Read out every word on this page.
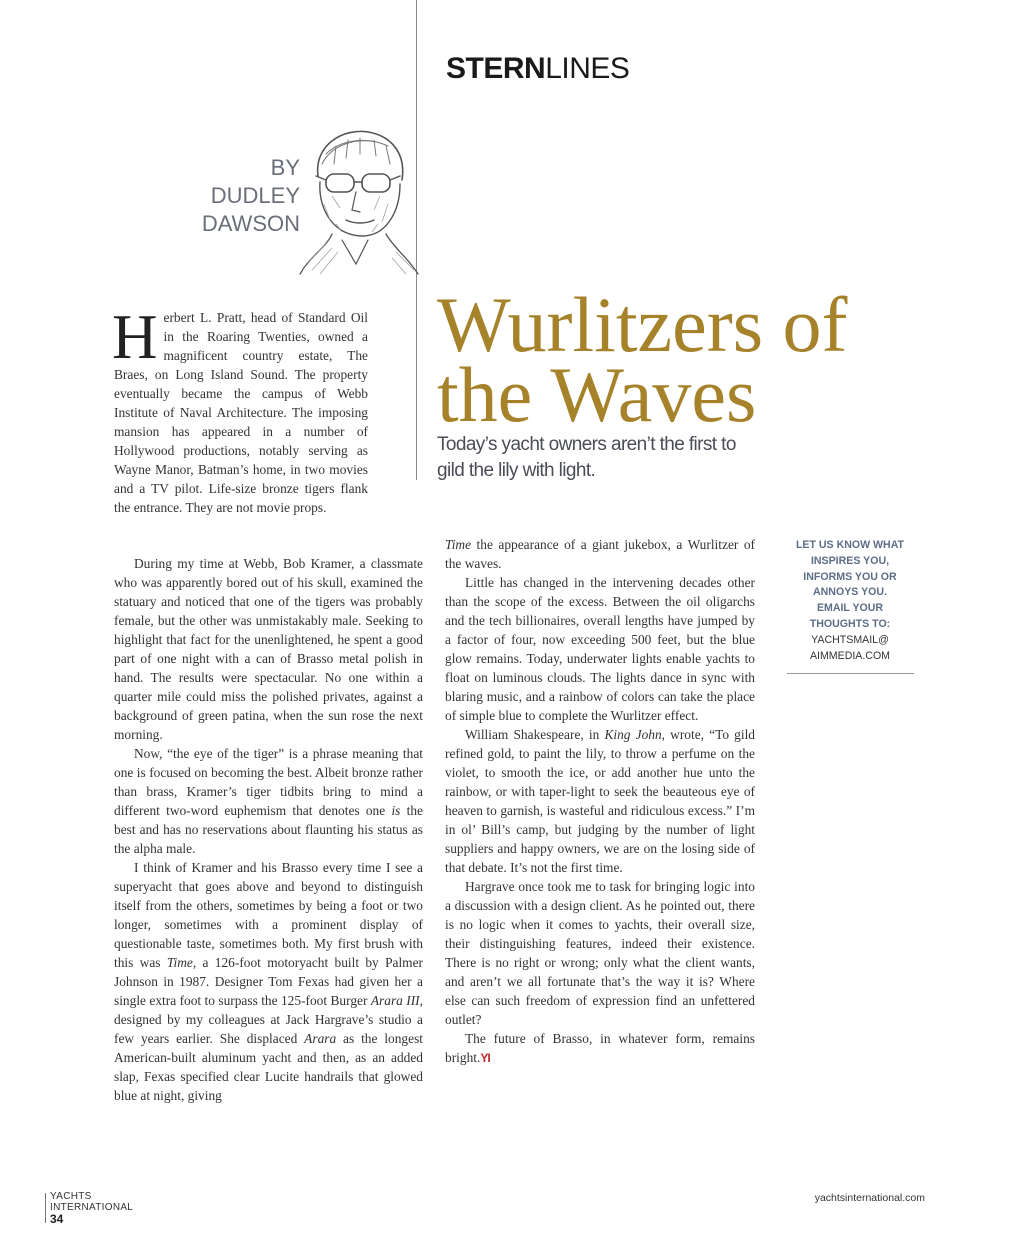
STERNLINES
BY DUDLEY
DAWSON
Wurlitzers of
the Waves
Today’s yacht owners aren’t the first to
gild the lily with light.
H erbert L. Pratt, head of Standard Oil in the Roaring Twenties, owned a magnificent country estate, The Braes, on Long Island Sound. The property eventually became the campus of Webb Institute of Naval Architecture. The imposing mansion has appeared in a number of Hollywood productions, notably serving as Wayne Manor, Batman’s home, in two movies and a TV pilot. Life-size bronze tigers flank the entrance. They are not movie props.

During my time at Webb, Bob Kramer, a classmate who was apparently bored out of his skull, examined the statuary and noticed that one of the tigers was probably female, but the other was unmistakably male. Seeking to highlight that fact for the unenlightened, he spent a good part of one night with a can of Brasso metal polish in hand. The results were spectacular. No one within a quarter mile could miss the polished privates, against a background of green patina, when the sun rose the next morning.

Now, “the eye of the tiger” is a phrase meaning that one is focused on becoming the best. Albeit bronze rather than brass, Kramer’s tiger tidbits bring to mind a different two-word euphemism that denotes one is the best and has no reservations about flaunting his status as the alpha male.

I think of Kramer and his Brasso every time I see a superyacht that goes above and beyond to distinguish itself from the others, sometimes by being a foot or two longer, sometimes with a prominent display of questionable taste, sometimes both. My first brush with this was Time, a 126-foot motoryacht built by Palmer Johnson in 1987. Designer Tom Fexas had given her a single extra foot to surpass the 125-foot Burger Arara III, designed by my colleagues at Jack Hargrave’s studio a few years earlier. She displaced Arara as the longest American-built aluminum yacht and then, as an added slap, Fexas specified clear Lucite handrails that glowed blue at night, giving

Time the appearance of a giant jukebox, a Wurlitzer of the waves.

Little has changed in the intervening decades other than the scope of the excess. Between the oil oligarchs and the tech billionaires, overall lengths have jumped by a factor of four, now exceeding 500 feet, but the blue glow remains. Today, underwater lights enable yachts to float on luminous clouds. The lights dance in sync with blaring music, and a rainbow of colors can take the place of simple blue to complete the Wurlitzer effect.

William Shakespeare, in King John, wrote, “To gild refined gold, to paint the lily, to throw a perfume on the violet, to smooth the ice, or add another hue unto the rainbow, or with taper-light to seek the beauteous eye of heaven to garnish, is wasteful and ridiculous excess.” I’m in ol’ Bill’s camp, but judging by the number of light suppliers and happy owners, we are on the losing side of that debate. It’s not the first time.

Hargrave once took me to task for bringing logic into a discussion with a design client. As he pointed out, there is no logic when it comes to yachts, their overall size, their distinguishing features, indeed their existence. There is no right or wrong; only what the client wants, and aren’t we all fortunate that’s the way it is? Where else can such freedom of expression find an unfettered outlet?

The future of Brasso, in whatever form, remains bright.YI

LET US KNOW WHAT
INSPIRES YOU,
INFORMS YOU OR
ANNOYS YOU.
EMAIL YOUR
THOUGHTS TO:
YACHTSMAIL@
AIMMEDIA.COM
YACHTS
INTERNATIONAL
34
yachtsinternational.com
